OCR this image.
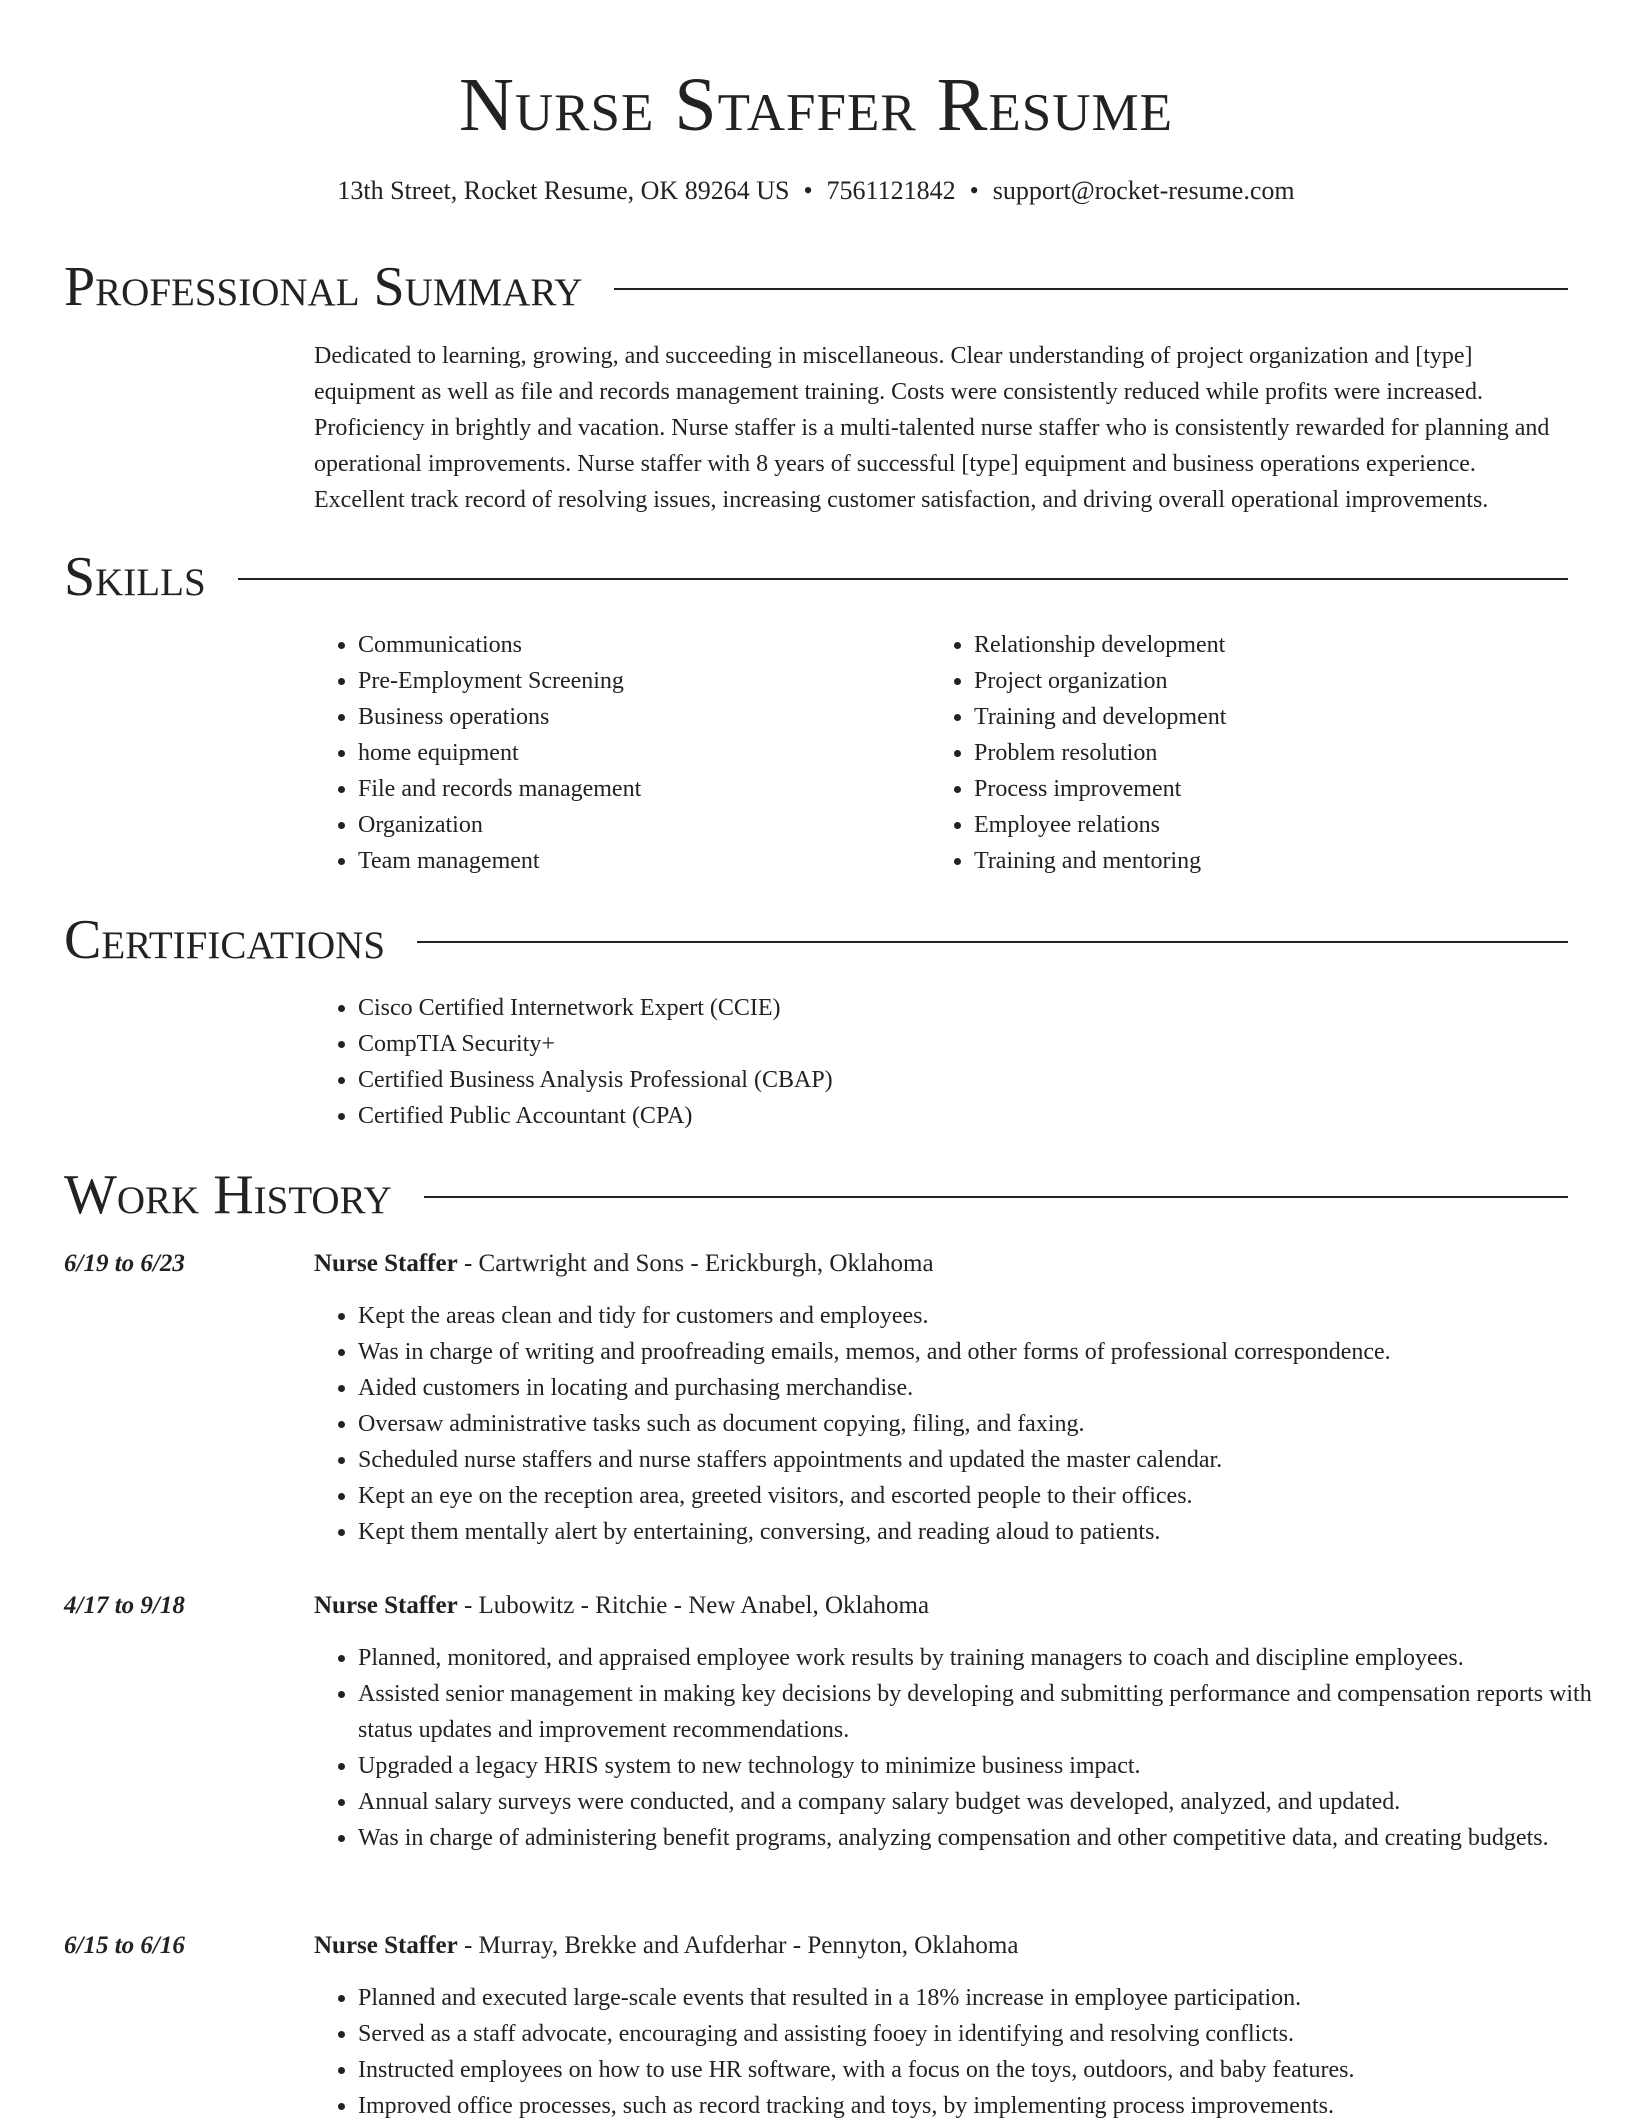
Nurse Staffer Resume
13th Street, Rocket Resume, OK 89264 US • 7561121842 • support@rocket-resume.com
Professional Summary

Dedicated to learning, growing, and succeeding in miscellaneous. Clear understanding of project organization and [type] equipment as well as file and records management training. Costs were consistently reduced while profits were increased. Proficiency in brightly and vacation. Nurse staffer is a multi-talented nurse staffer who is consistently rewarded for planning and operational improvements. Nurse staffer with 8 years of successful [type] equipment and business operations experience. Excellent track record of resolving issues, increasing customer satisfaction, and driving overall operational improvements.

Skills
• Communications
• Pre-Employment Screening
• Business operations
• home equipment
• File and records management
• Organization
• Team management
• Relationship development
• Project organization
• Training and development
• Problem resolution
• Process improvement
• Employee relations
• Training and mentoring
Certifications
• Cisco Certified Internetwork Expert (CCIE)
• CompTIA Security+
• Certified Business Analysis Professional (CBAP)
• Certified Public Accountant (CPA)
Work History
6/19 to 6/23	Nurse Staffer - Cartwright and Sons - Erickburgh, Oklahoma
• Kept the areas clean and tidy for customers and employees.
• Was in charge of writing and proofreading emails, memos, and other forms of professional correspondence.
• Aided customers in locating and purchasing merchandise.
• Oversaw administrative tasks such as document copying, filing, and faxing.
• Scheduled nurse staffers and nurse staffers appointments and updated the master calendar.
• Kept an eye on the reception area, greeted visitors, and escorted people to their offices.
• Kept them mentally alert by entertaining, conversing, and reading aloud to patients.
4/17 to 9/18	Nurse Staffer - Lubowitz - Ritchie - New Anabel, Oklahoma
• Planned, monitored, and appraised employee work results by training managers to coach and discipline employees.
• Assisted senior management in making key decisions by developing and submitting performance and compensation reports with status updates and improvement recommendations.
• Upgraded a legacy HRIS system to new technology to minimize business impact.
• Annual salary surveys were conducted, and a company salary budget was developed, analyzed, and updated.
• Was in charge of administering benefit programs, analyzing compensation and other competitive data, and creating budgets.
6/15 to 6/16	Nurse Staffer - Murray, Brekke and Aufderhar - Pennyton, Oklahoma
• Planned and executed large-scale events that resulted in a 18% increase in employee participation.
• Served as a staff advocate, encouraging and assisting fooey in identifying and resolving conflicts.
• Instructed employees on how to use HR software, with a focus on the toys, outdoors, and baby features.
• Improved office processes, such as record tracking and toys, by implementing process improvements.
